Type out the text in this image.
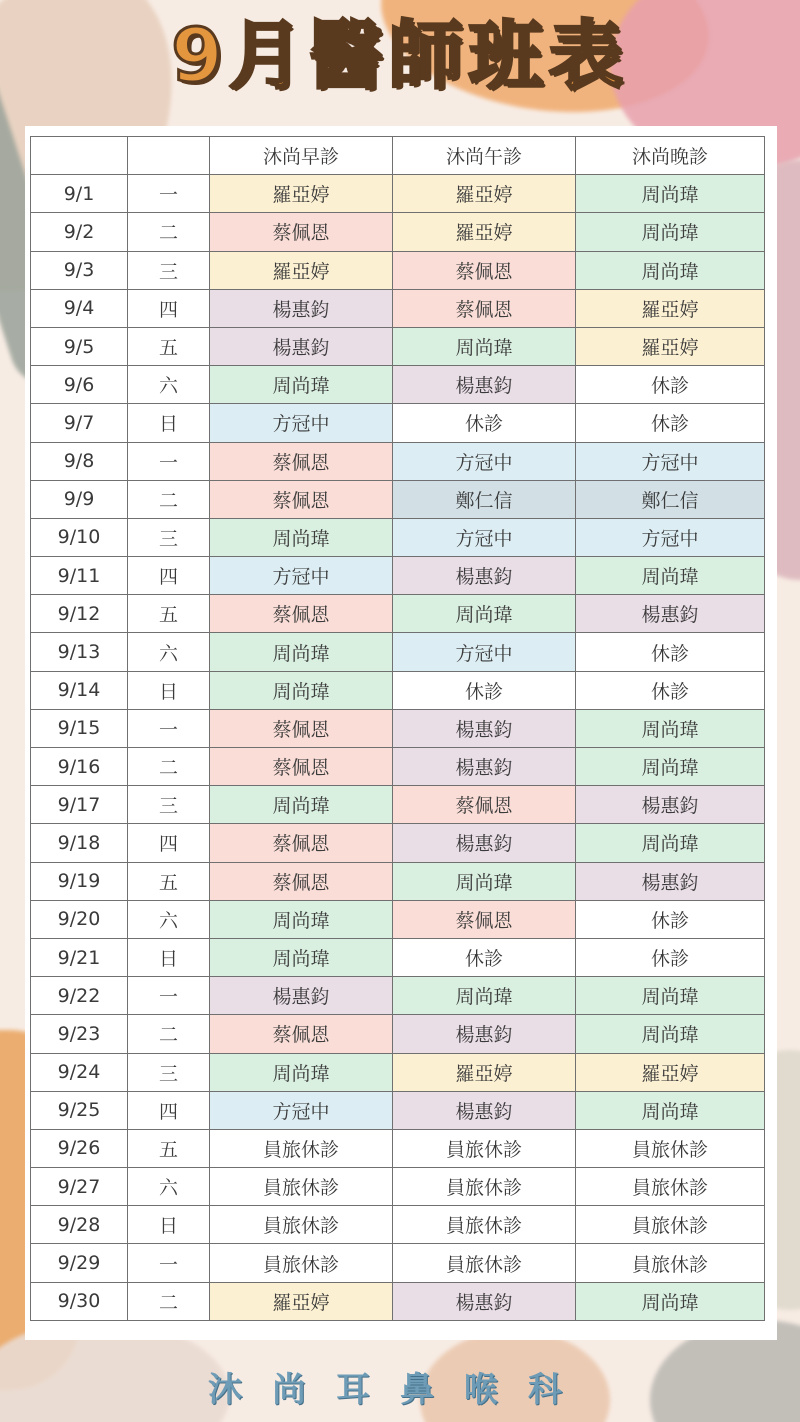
9月醫師班表
		沐尚早診	沐尚午診	沐尚晚診
9/1	一	羅亞婷	羅亞婷	周尚瑋
9/2	二	蔡佩恩	羅亞婷	周尚瑋
9/3	三	羅亞婷	蔡佩恩	周尚瑋
9/4	四	楊惠鈞	蔡佩恩	羅亞婷
9/5	五	楊惠鈞	周尚瑋	羅亞婷
9/6	六	周尚瑋	楊惠鈞	休診
9/7	日	方冠中	休診	休診
9/8	一	蔡佩恩	方冠中	方冠中
9/9	二	蔡佩恩	鄭仁信	鄭仁信
9/10	三	周尚瑋	方冠中	方冠中
9/11	四	方冠中	楊惠鈞	周尚瑋
9/12	五	蔡佩恩	周尚瑋	楊惠鈞
9/13	六	周尚瑋	方冠中	休診
9/14	日	周尚瑋	休診	休診
9/15	一	蔡佩恩	楊惠鈞	周尚瑋
9/16	二	蔡佩恩	楊惠鈞	周尚瑋
9/17	三	周尚瑋	蔡佩恩	楊惠鈞
9/18	四	蔡佩恩	楊惠鈞	周尚瑋
9/19	五	蔡佩恩	周尚瑋	楊惠鈞
9/20	六	周尚瑋	蔡佩恩	休診
9/21	日	周尚瑋	休診	休診
9/22	一	楊惠鈞	周尚瑋	周尚瑋
9/23	二	蔡佩恩	楊惠鈞	周尚瑋
9/24	三	周尚瑋	羅亞婷	羅亞婷
9/25	四	方冠中	楊惠鈞	周尚瑋
9/26	五	員旅休診	員旅休診	員旅休診
9/27	六	員旅休診	員旅休診	員旅休診
9/28	日	員旅休診	員旅休診	員旅休診
9/29	一	員旅休診	員旅休診	員旅休診
9/30	二	羅亞婷	楊惠鈞	周尚瑋
沐尚耳鼻喉科
